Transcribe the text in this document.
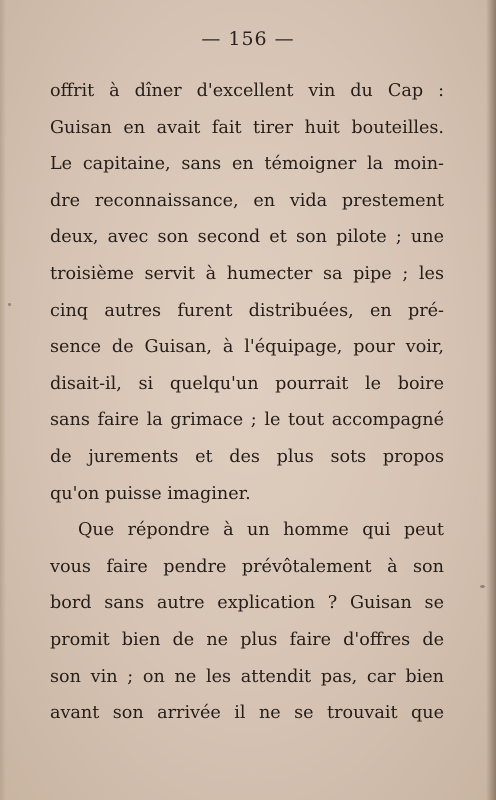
— 156 —
offrit à dîner d'excellent vin du Cap :
Guisan en avait fait tirer huit bouteilles.
Le capitaine, sans en témoigner la moin-
dre reconnaissance, en vida prestement
deux, avec son second et son pilote ; une
troisième servit à humecter sa pipe ; les
cinq autres furent distribuées, en pré-
sence de Guisan, à l'équipage, pour voir,
disait-il, si quelqu'un pourrait le boire
sans faire la grimace ; le tout accompagné
de jurements et des plus sots propos
qu'on puisse imaginer.
Que répondre à un homme qui peut
vous faire pendre prévôtalement à son
bord sans autre explication ? Guisan se
promit bien de ne plus faire d'offres de
son vin ; on ne les attendit pas, car bien
avant son arrivée il ne se trouvait que
